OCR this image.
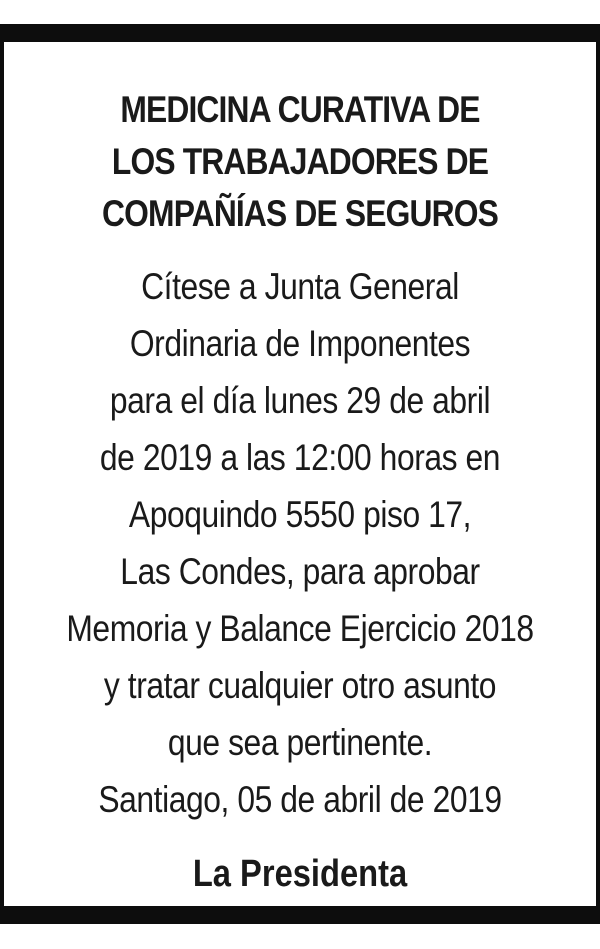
MEDICINA CURATIVA DE
LOS TRABAJADORES DE
COMPAÑÍAS DE SEGUROS
Cítese a Junta General
Ordinaria de Imponentes
para el día lunes 29 de abril
de 2019 a las 12:00 horas en
Apoquindo 5550 piso 17,
Las Condes, para aprobar
Memoria y Balance Ejercicio 2018
y tratar cualquier otro asunto
que sea pertinente.
Santiago, 05 de abril de 2019
La Presidenta
